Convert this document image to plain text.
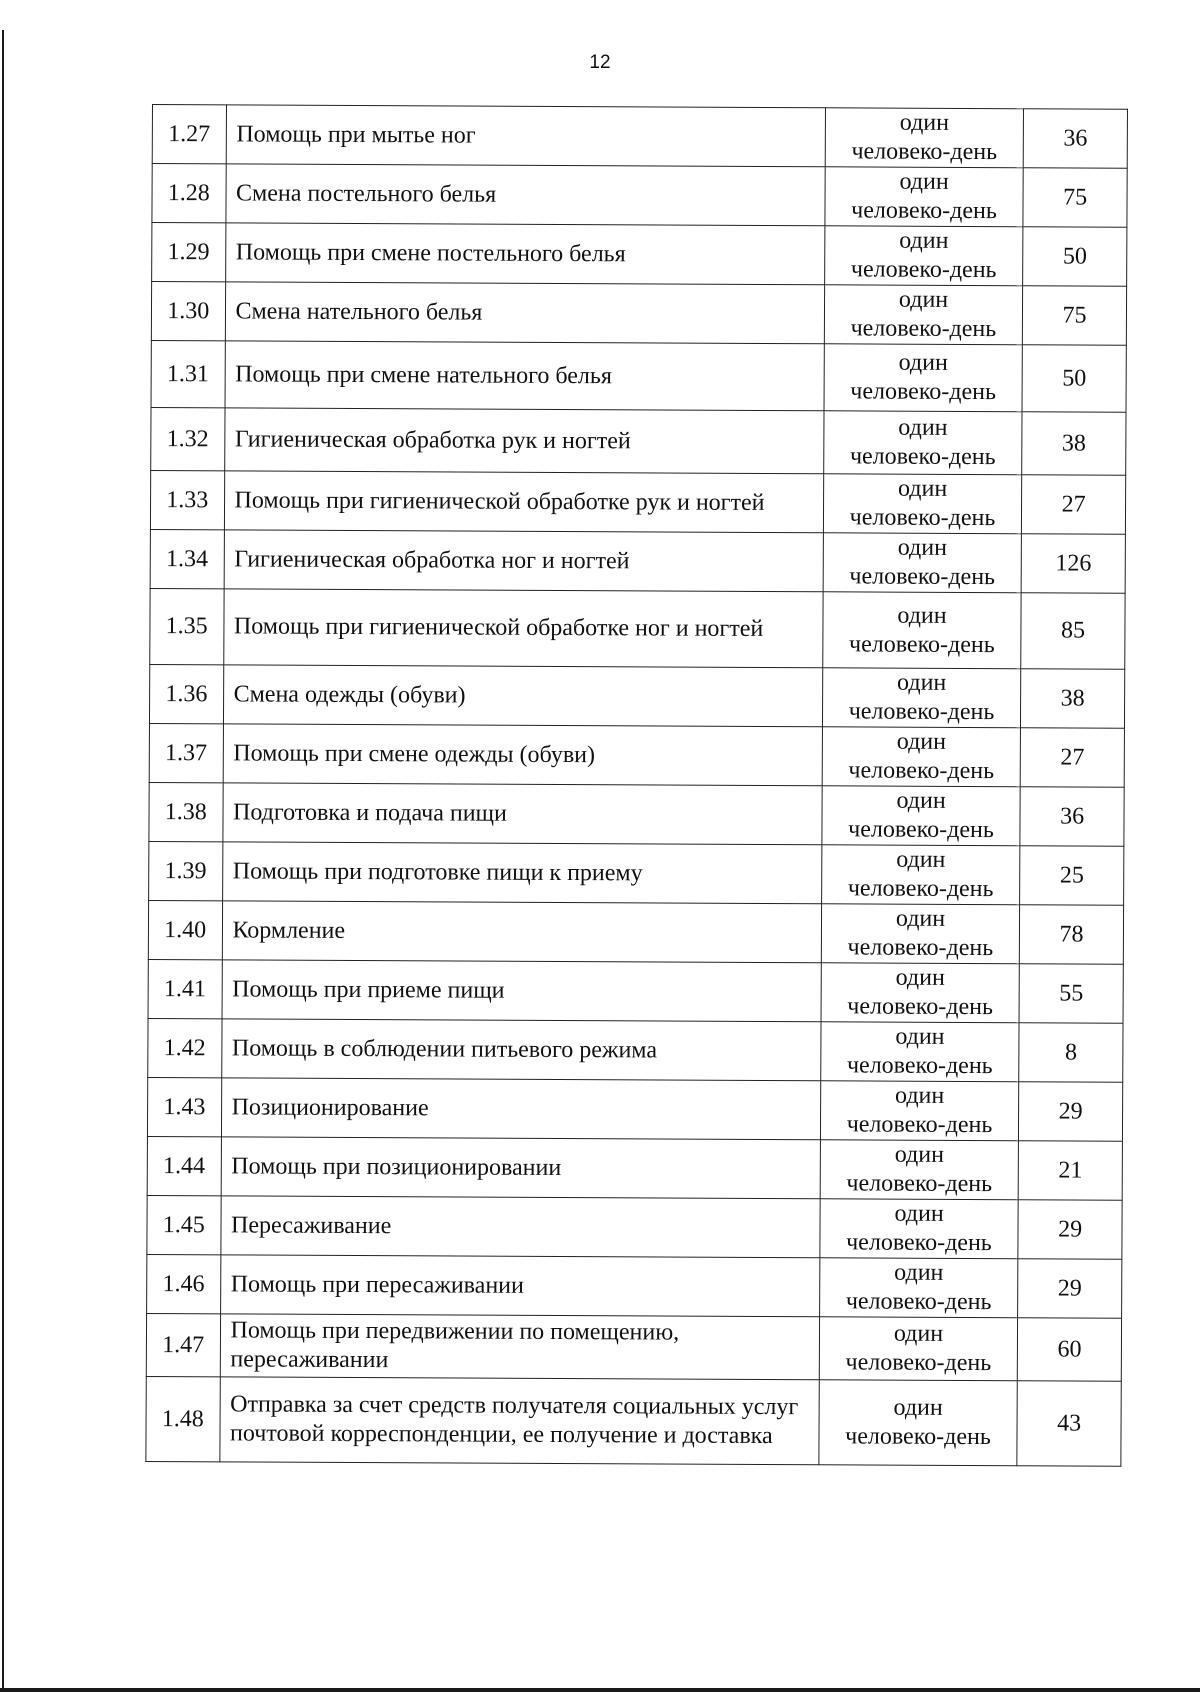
12
1.27	Помощь при мытье ног	один
человеко-день	36
1.28	Смена постельного белья	один
человеко-день	75
1.29	Помощь при смене постельного белья	один
человеко-день	50
1.30	Смена нательного белья	один
человеко-день	75
1.31	Помощь при смене нательного белья	один
человеко-день	50
1.32	Гигиеническая обработка рук и ногтей	один
человеко-день	38
1.33	Помощь при гигиенической обработке рук и ногтей	один
человеко-день	27
1.34	Гигиеническая обработка ног и ногтей	один
человеко-день	126
1.35	Помощь при гигиенической обработке ног и ногтей	один
человеко-день	85
1.36	Смена одежды (обуви)	один
человеко-день	38
1.37	Помощь при смене одежды (обуви)	один
человеко-день	27
1.38	Подготовка и подача пищи	один
человеко-день	36
1.39	Помощь при подготовке пищи к приему	один
человеко-день	25
1.40	Кормление	один
человеко-день	78
1.41	Помощь при приеме пищи	один
человеко-день	55
1.42	Помощь в соблюдении питьевого режима	один
человеко-день	8
1.43	Позиционирование	один
человеко-день	29
1.44	Помощь при позиционировании	один
человеко-день	21
1.45	Пересаживание	один
человеко-день	29
1.46	Помощь при пересаживании	один
человеко-день	29
1.47	Помощь при передвижении по помещению, пересаживании	один
человеко-день	60
1.48	Отправка за счет средств получателя социальных услуг почтовой корреспонденции, ее получение и доставка	один
человеко-день	43
